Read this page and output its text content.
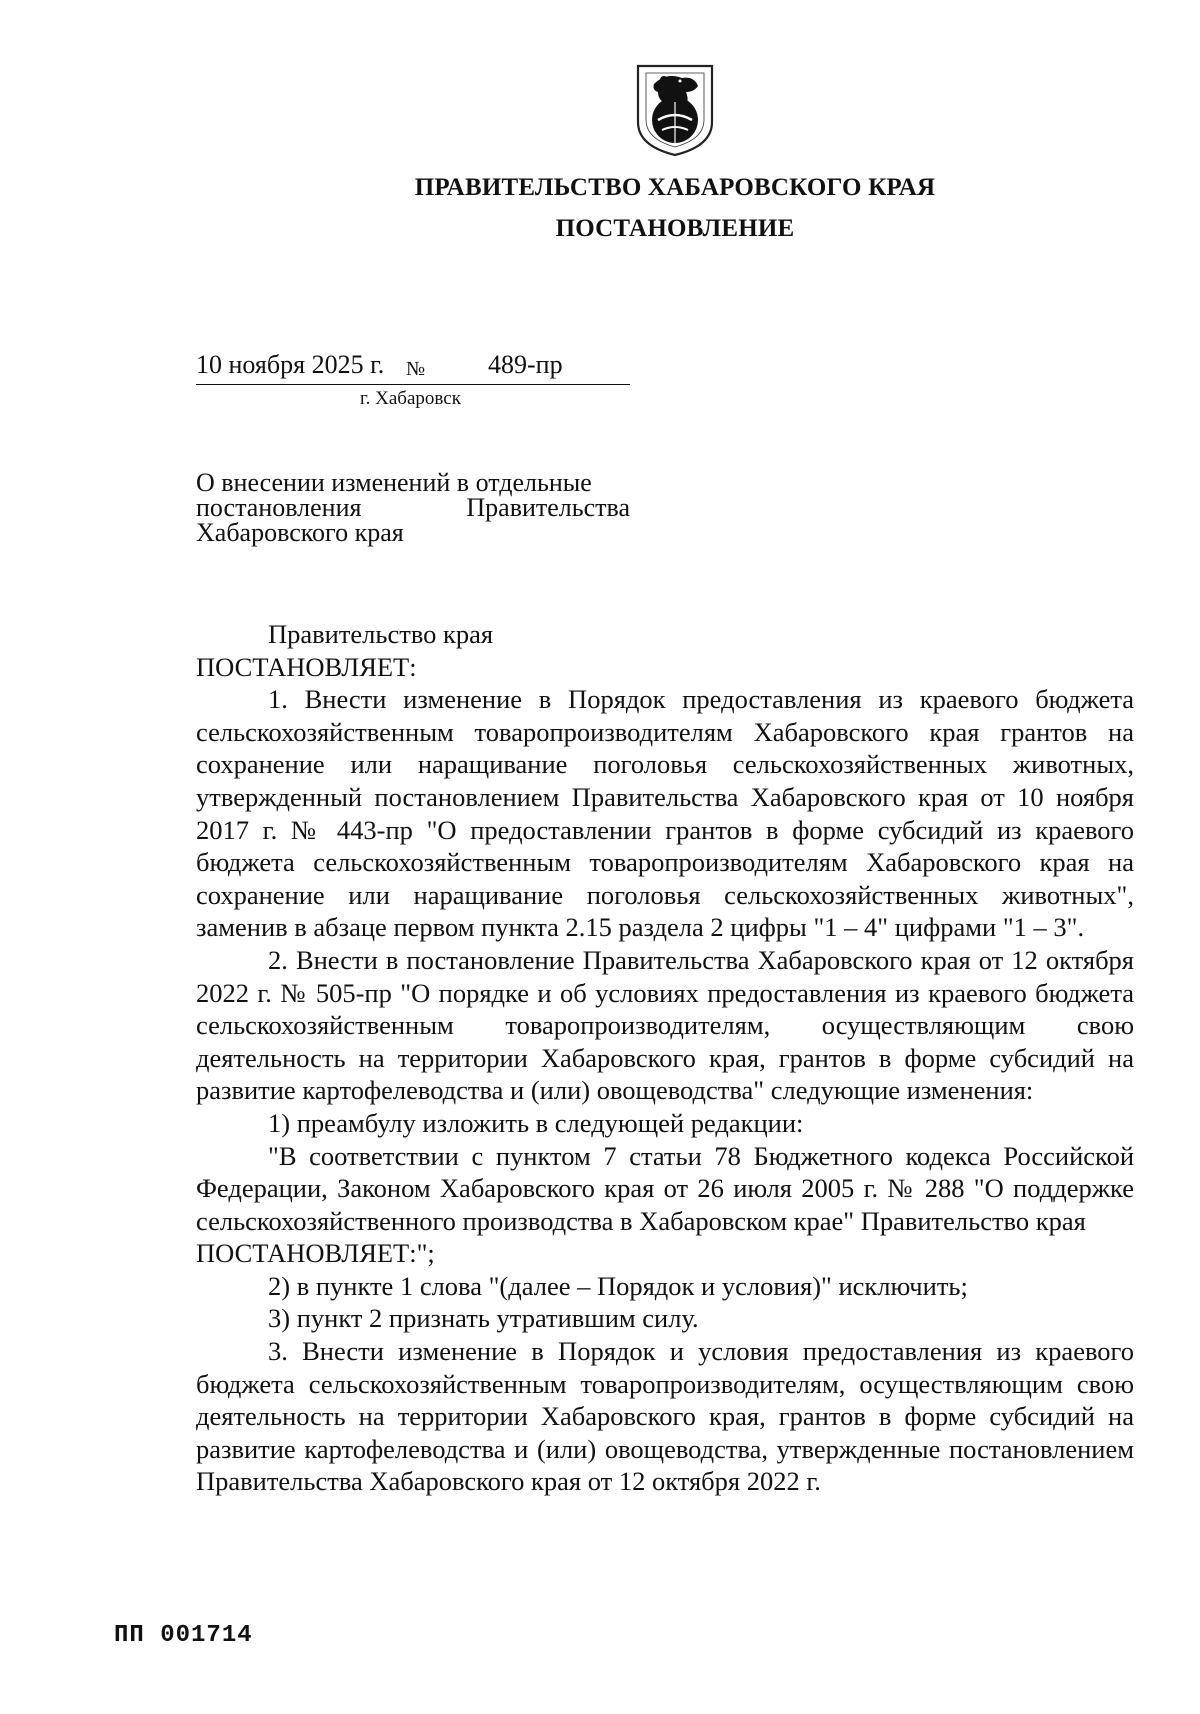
ПРАВИТЕЛЬСТВО ХАБАРОВСКОГО КРАЯ
ПОСТАНОВЛЕНИЕ
10 ноября 2025 г. № 489-пр
г. Хабаровск
О внесении изменений в отдельные
постановления	Правительства
Хабаровского края

Правительство края

ПОСТАНОВЛЯЕТ:

1. Внести изменение в Порядок предоставления из краевого бюджета сельскохозяйственным товаропроизводителям Хабаровского края грантов на сохранение или наращивание поголовья сельскохозяйственных животных, утвержденный постановлением Правительства Хабаровского края от 10 ноября 2017 г. № 443-пр "О предоставлении грантов в форме субсидий из краевого бюджета сельскохозяйственным товаропроизводителям Хабаровского края на сохранение или наращивание поголовья сельскохозяйственных животных", заменив в абзаце первом пункта 2.15 раздела 2 цифры "1 – 4" цифрами "1 – 3".

2. Внести в постановление Правительства Хабаровского края от 12 октября 2022 г. № 505-пр "О порядке и об условиях предоставления из краевого бюджета сельскохозяйственным товаропроизводителям, осуществляющим свою деятельность на территории Хабаровского края, грантов в форме субсидий на развитие картофелеводства и (или) овощеводства" следующие изменения:

1) преамбулу изложить в следующей редакции:

"В соответствии с пунктом 7 статьи 78 Бюджетного кодекса Российской Федерации, Законом Хабаровского края от 26 июля 2005 г. № 288 "О поддержке сельскохозяйственного производства в Хабаровском крае" Правительство края

ПОСТАНОВЛЯЕТ:";

2) в пункте 1 слова "(далее – Порядок и условия)" исключить;

3) пункт 2 признать утратившим силу.

3. Внести изменение в Порядок и условия предоставления из краевого бюджета сельскохозяйственным товаропроизводителям, осуществляющим свою деятельность на территории Хабаровского края, грантов в форме субсидий на развитие картофелеводства и (или) овощеводства, утвержденные постановлением Правительства Хабаровского края от 12 октября 2022 г.

ПП 001714
